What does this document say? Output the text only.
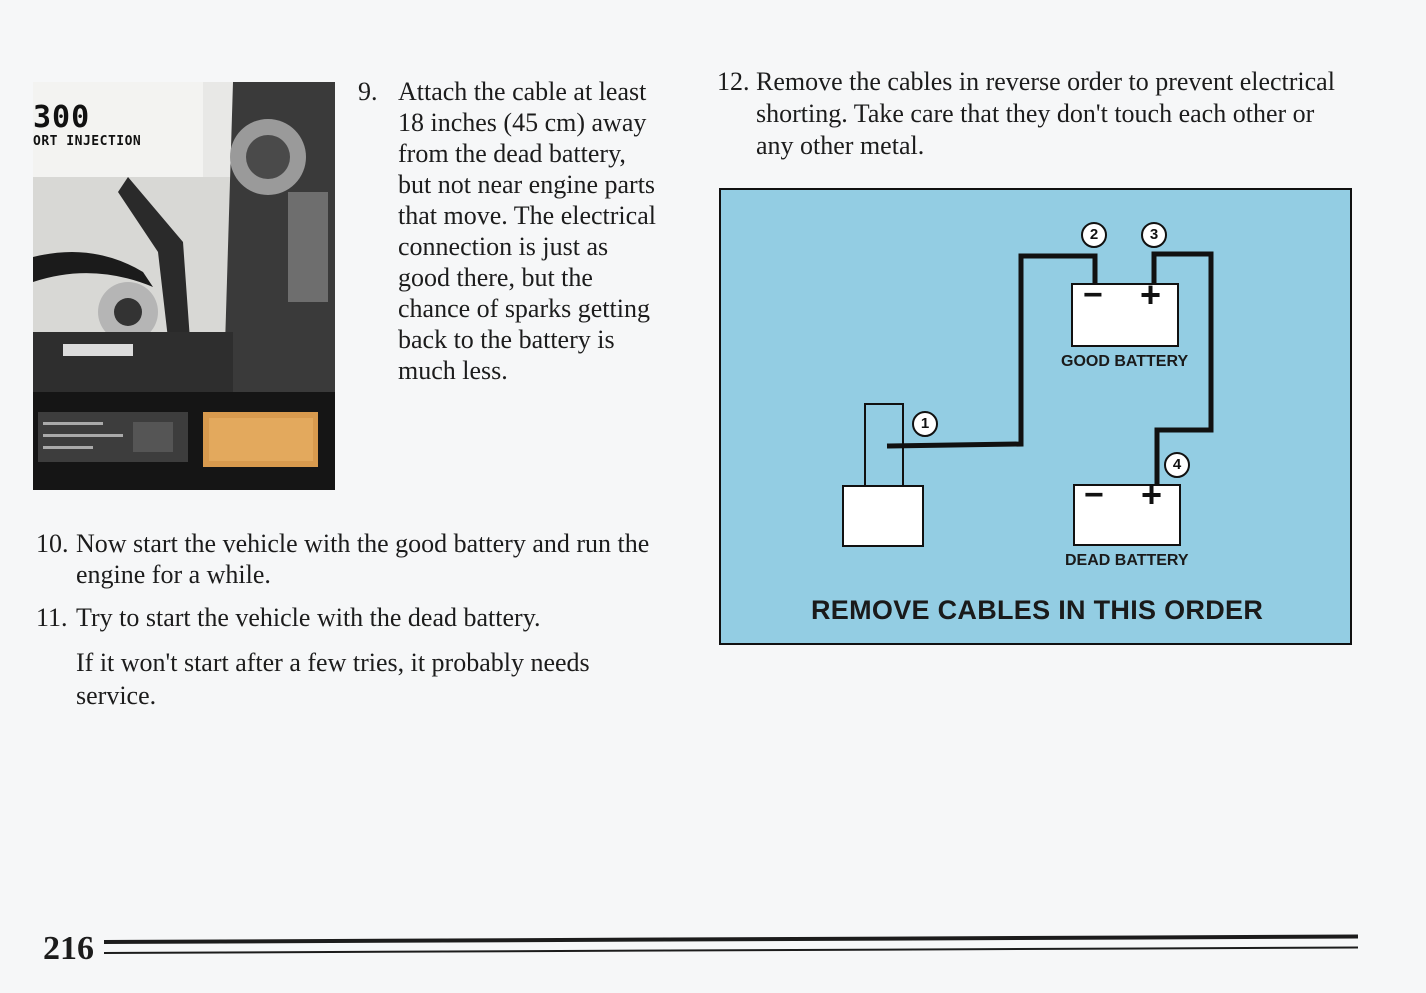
300
ORT INJECTION
9. Attach the cable at least 18 inches (45 cm) away from the dead battery, but not near engine parts that move. The electrical connection is just as good there, but the chance of sparks getting back to the battery is much less.
10. Now start the vehicle with the good battery and run the engine for a while.
11. Try to start the vehicle with the dead battery.
If it won't start after a few tries, it probably needs service.
12. Remove the cables in reverse order to prevent electrical shorting. Take care that they don't touch each other or any other metal.
1
2	3
4
− +
− +
GOOD BATTERY
DEAD BATTERY
REMOVE CABLES IN THIS ORDER
216
